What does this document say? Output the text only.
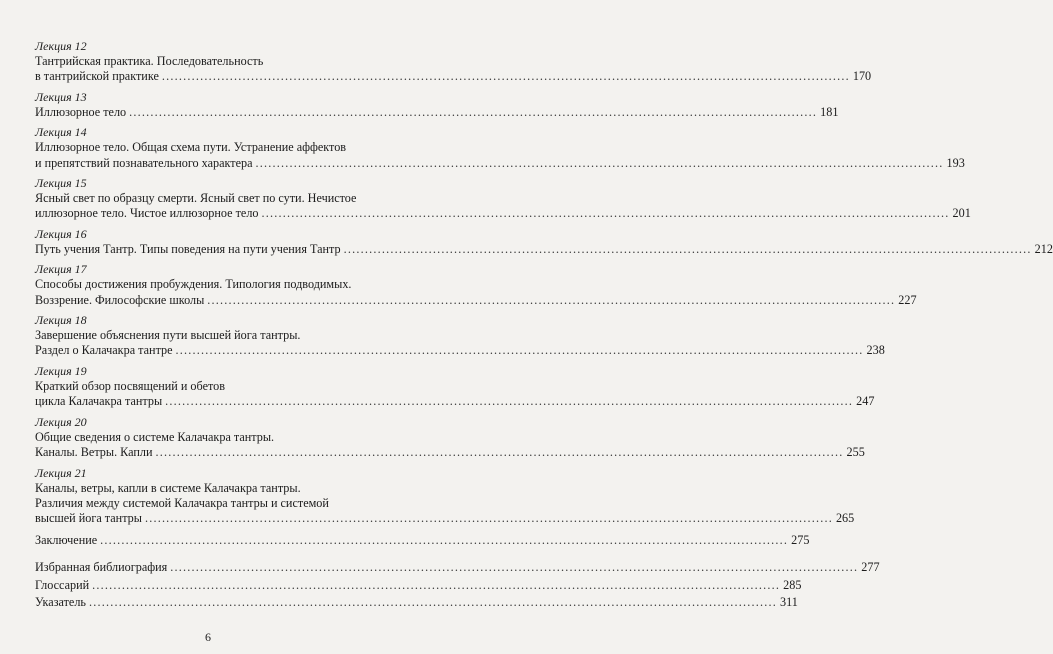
Лекция 12
Тантрийская практика. Последовательность
в тантрийской практике .....	170
Лекция 13
Иллюзорное тело .....	181
Лекция 14
Иллюзорное тело. Общая схема пути. Устранение аффектов
и препятствий познавательного характера .....	193
Лекция 15
Ясный свет по образцу смерти. Ясный свет по сути. Нечистое
иллюзорное тело. Чистое иллюзорное тело .....	201
Лекция 16
Путь учения Тантр. Типы поведения на пути учения Тантр .....	212
Лекция 17
Способы достижения пробуждения. Типология подводимых.
Воззрение. Философские школы .....	227
Лекция 18
Завершение объяснения пути высшей йога тантры.
Раздел о Калачакра тантре .....	238
Лекция 19
Краткий обзор посвящений и обетов
цикла Калачакра тантры .....	247
Лекция 20
Общие сведения о системе Калачакра тантры.
Каналы. Ветры. Капли .....	255
Лекция 21
Каналы, ветры, капли в системе Калачакра тантры.
Различия между системой Калачакра тантры и системой
высшей йога тантры .....	265
Заключение .....	275
Избранная библиография .....	277
Глоссарий .....	285
Указатель .....	311
6
